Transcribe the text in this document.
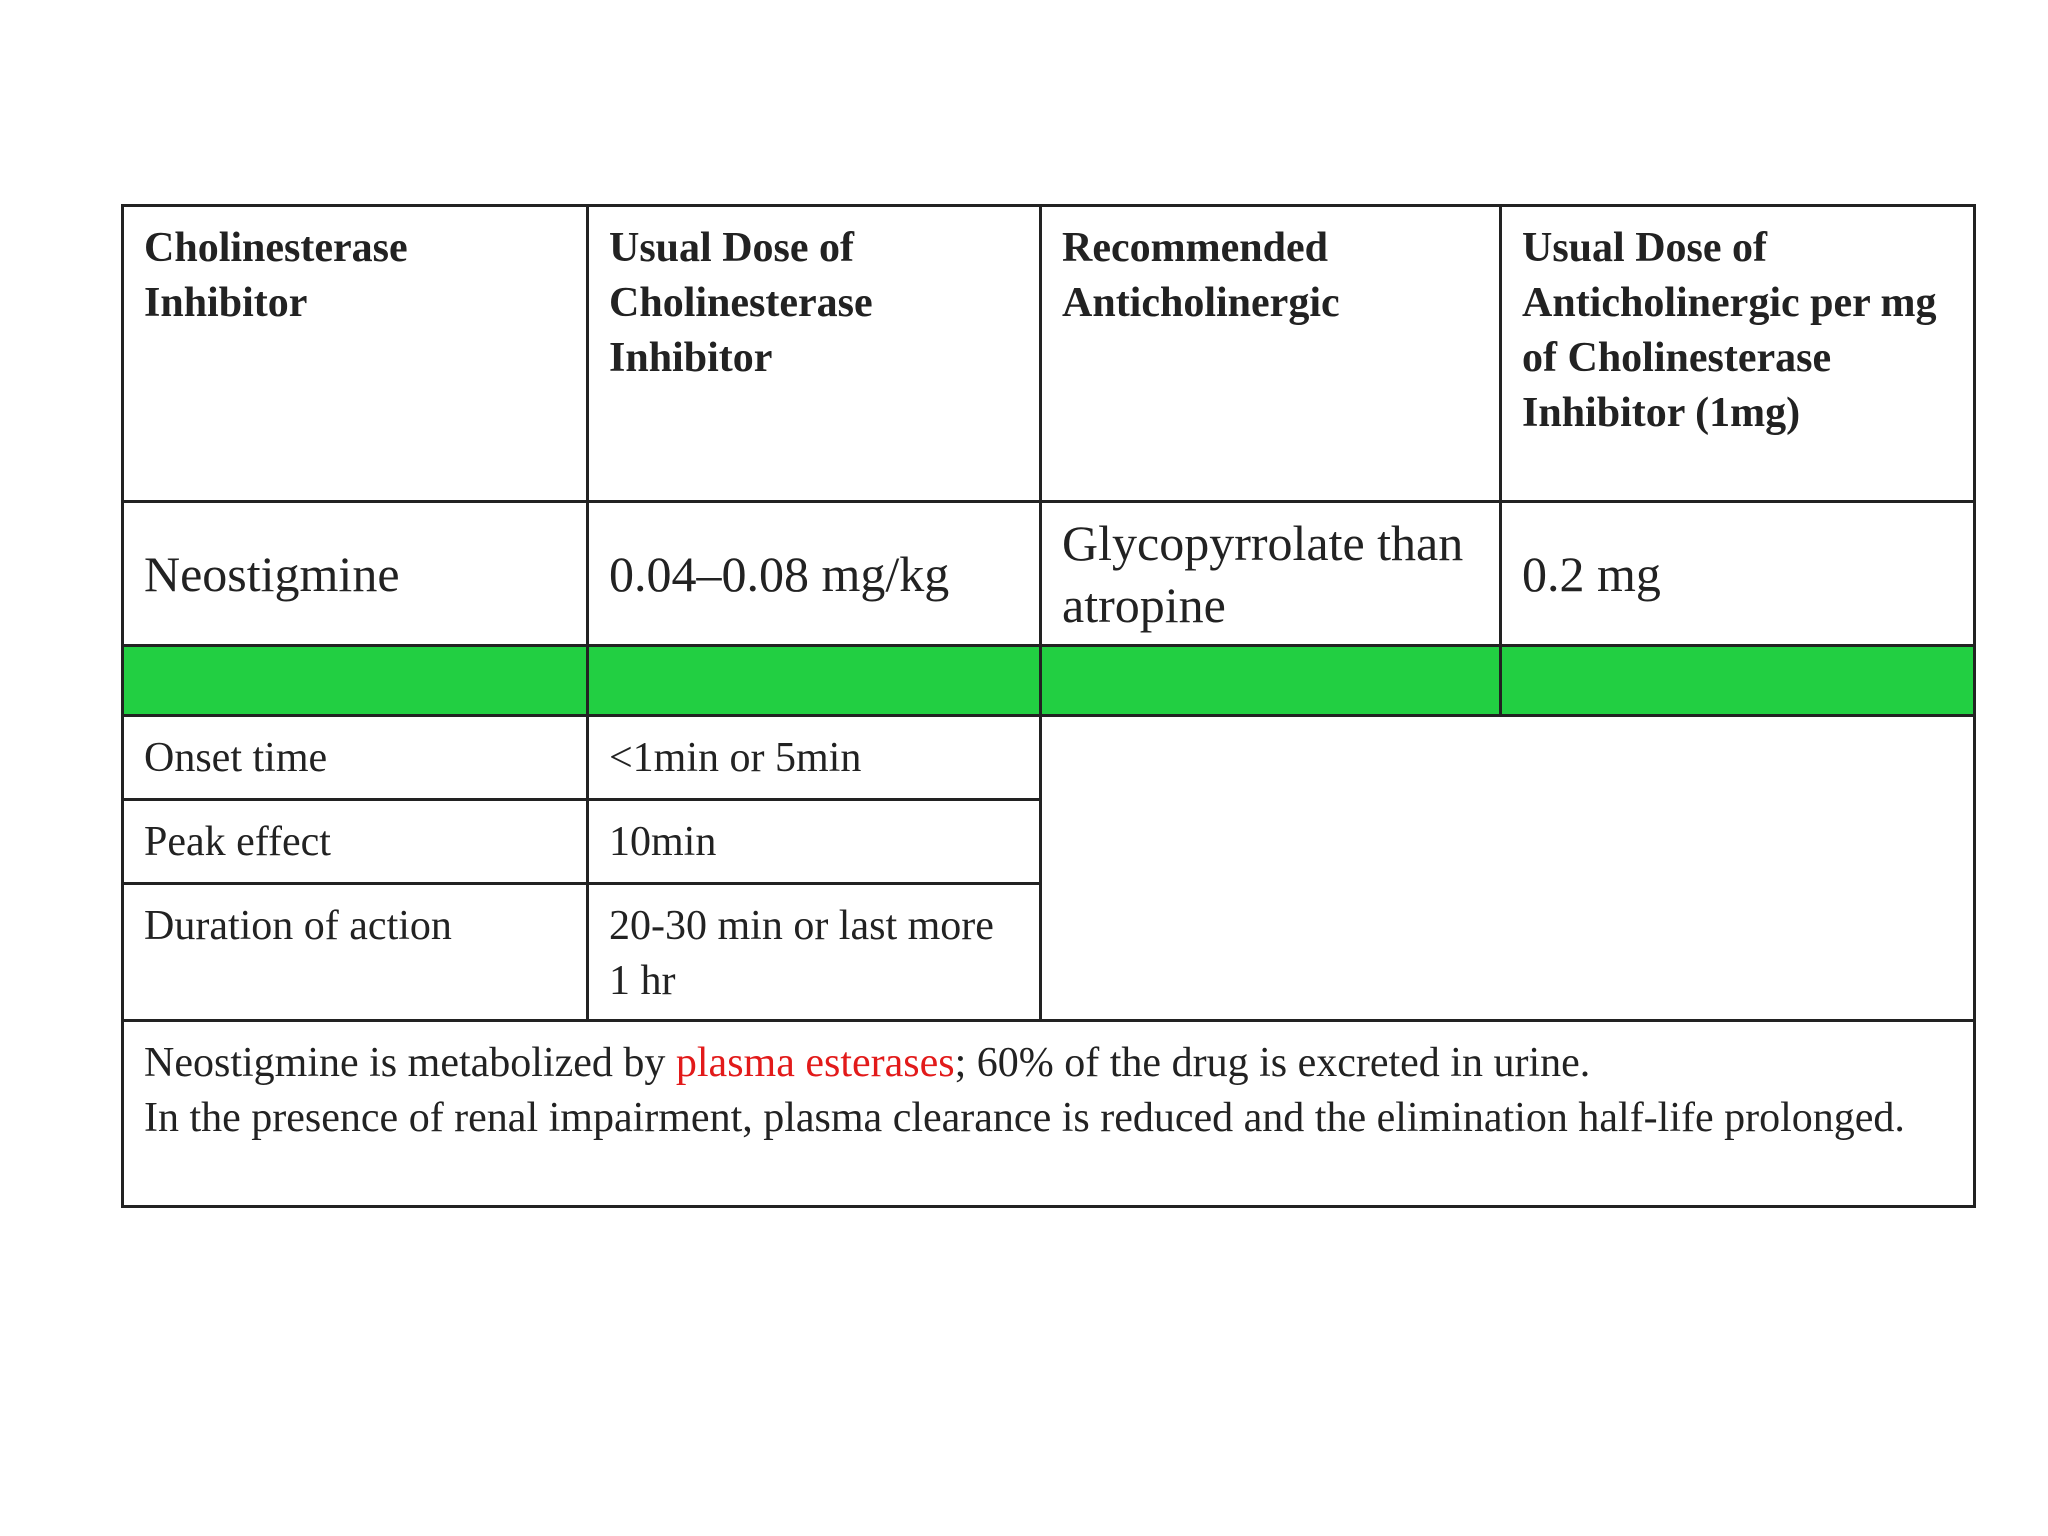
Cholinesterase Inhibitor	Usual Dose of Cholinesterase Inhibitor	Recommended Anticholinergic	Usual Dose of Anticholinergic per mg of Cholinesterase Inhibitor (1mg)
Neostigmine	0.04–0.08 mg/kg	Glycopyrrolate than atropine	0.2 mg

Onset time	<1min or 5min		
Peak effect	10min		
Duration of action	20-30 min or last more 1 hr		

Neostigmine is metabolized by plasma esterases; 60% of the drug is excreted in urine.
In the presence of renal impairment, plasma clearance is reduced and the elimination half-life prolonged.			
